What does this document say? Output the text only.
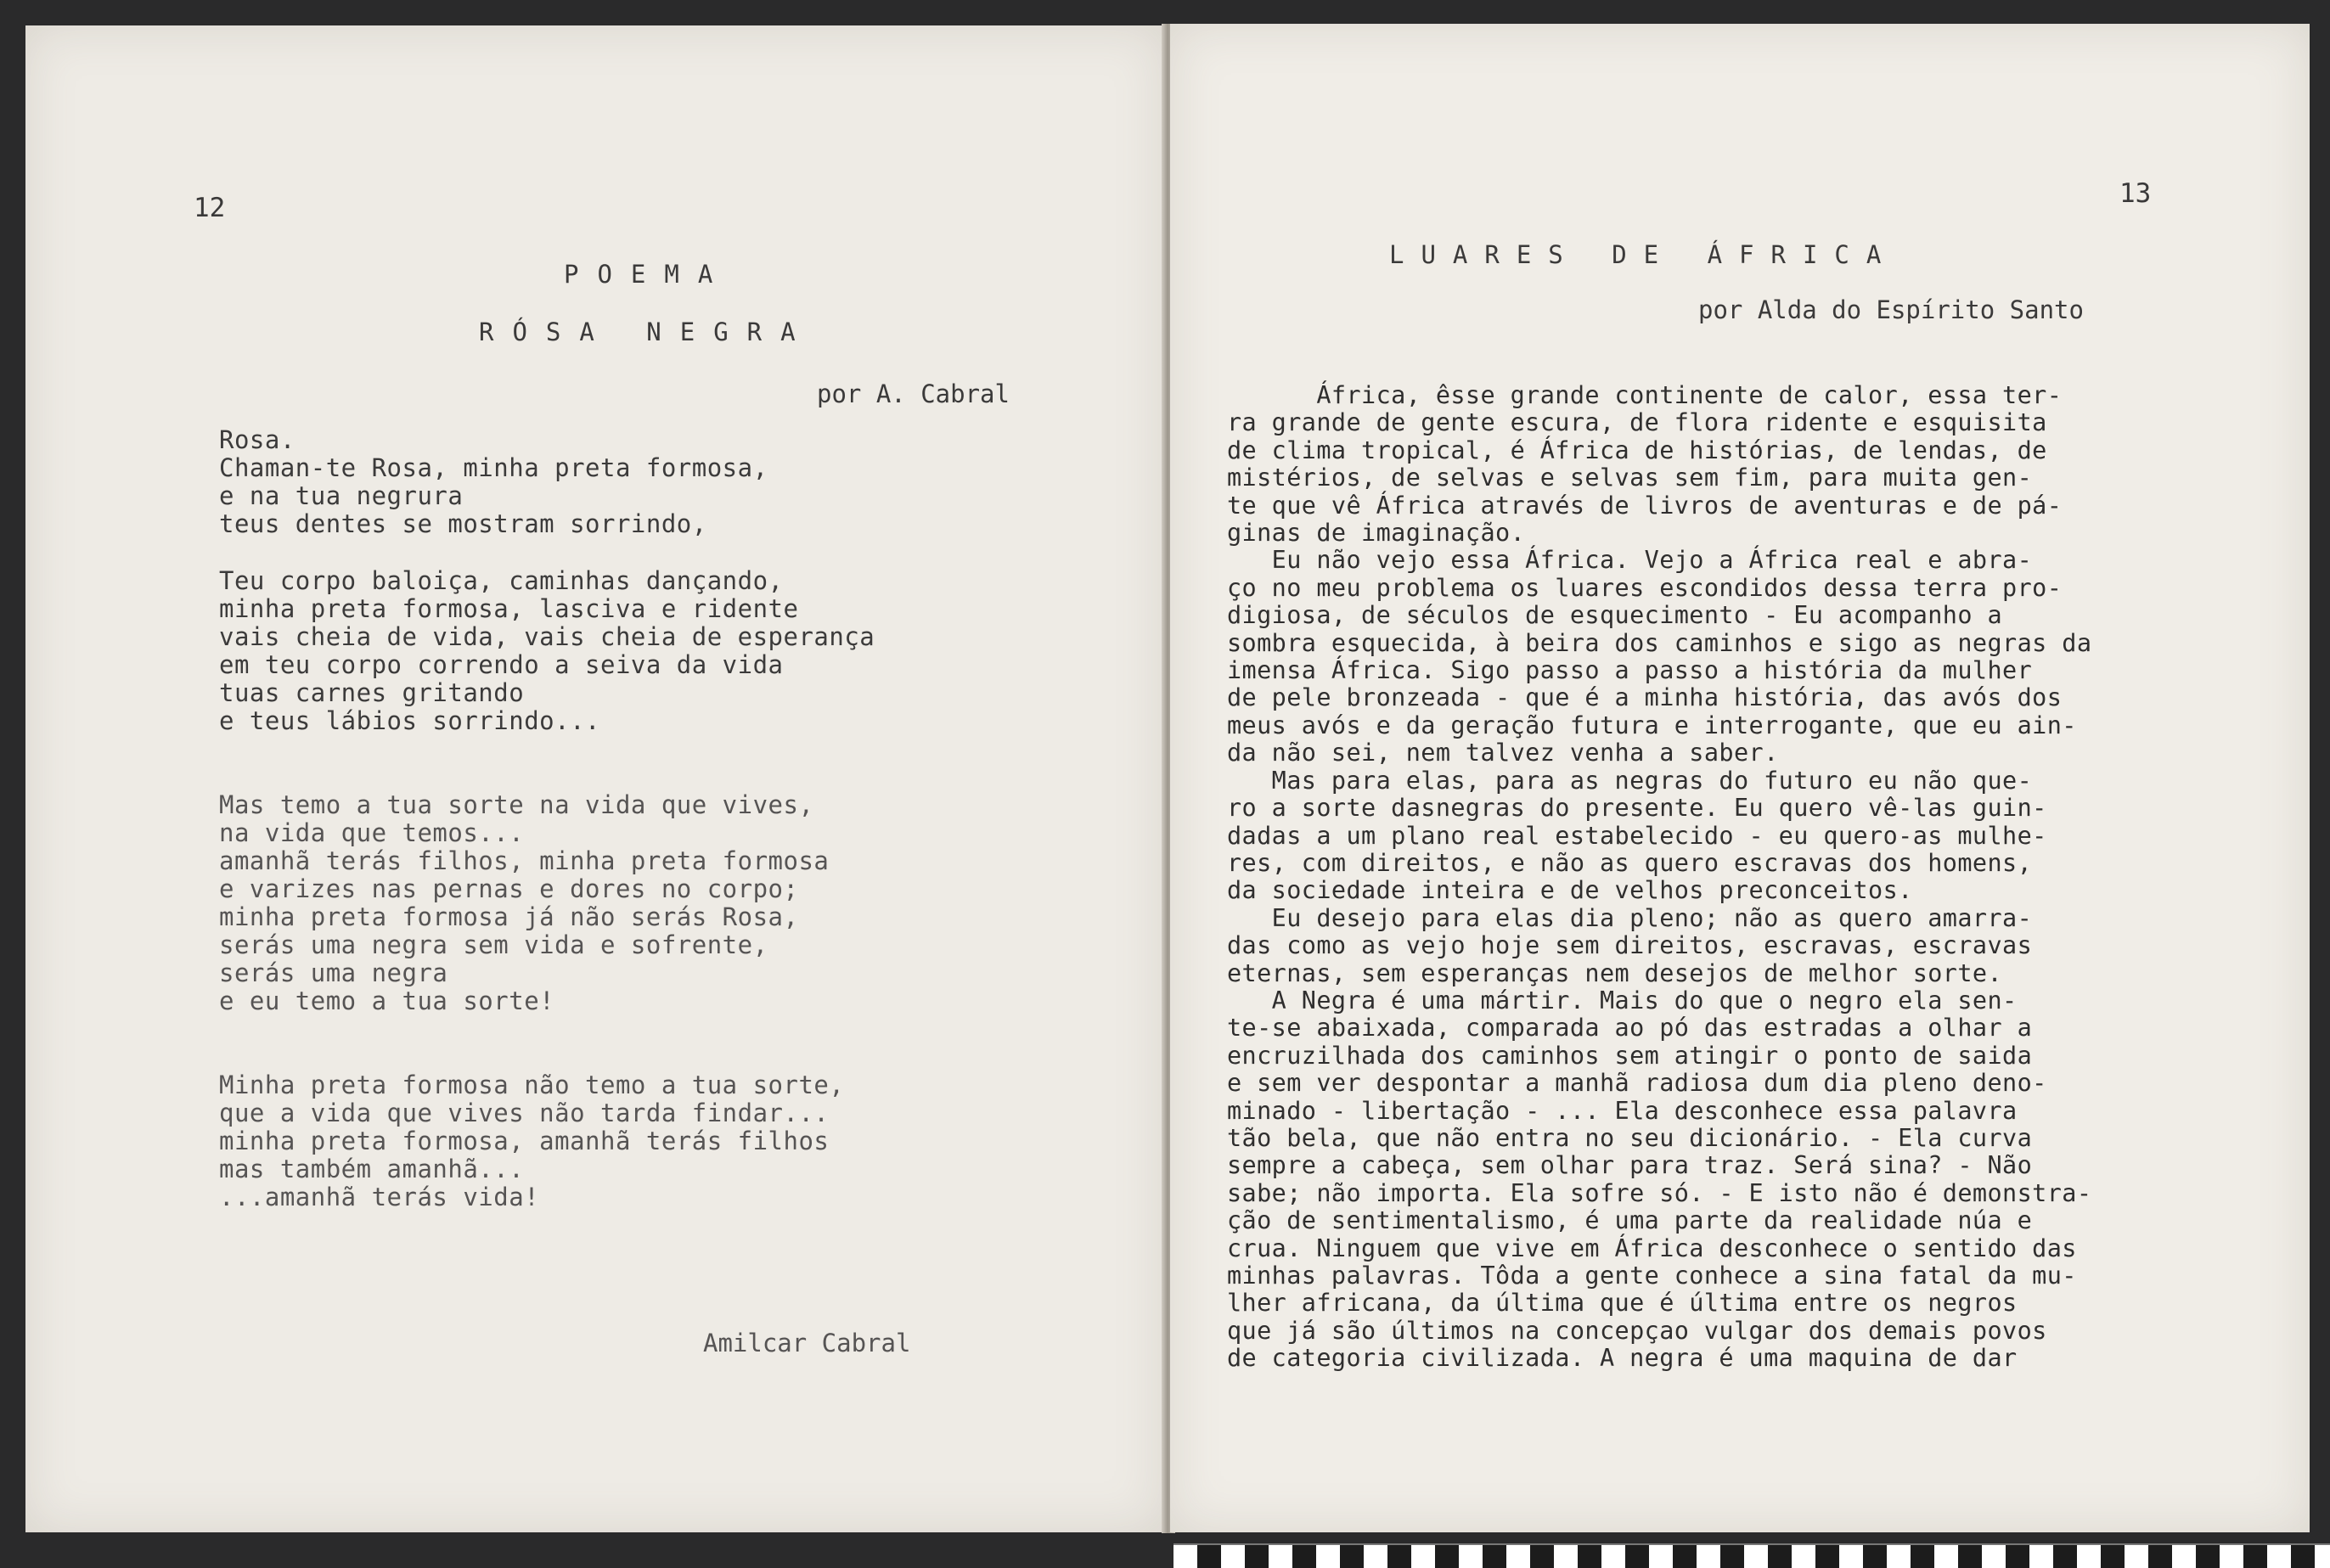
12
POEMA
RÓSA NEGRA
por A. Cabral
Rosa.
Chaman-te Rosa, minha preta formosa,
e na tua negrura
teus dentes se mostram sorrindo,
Teu corpo baloiça, caminhas dançando,
minha preta formosa, lasciva e ridente
vais cheia de vida, vais cheia de esperança
em teu corpo correndo a seiva da vida
tuas carnes gritando
e teus lábios sorrindo...
Mas temo a tua sorte na vida que vives,
na vida que temos...
amanhã terás filhos, minha preta formosa
e varizes nas pernas e dores no corpo;
minha preta formosa já não serás Rosa,
serás uma negra sem vida e sofrente,
serás uma negra
e eu temo a tua sorte!
Minha preta formosa não temo a tua sorte,
que a vida que vives não tarda findar...
minha preta formosa, amanhã terás filhos
mas também amanhã...
...amanhã terás vida!
Amilcar Cabral
13
LUARES DE ÁFRICA
por Alda do Espírito Santo
África, êsse grande continente de calor, essa ter-
ra grande de gente escura, de flora ridente e esquisita
de clima tropical, é África de histórias, de lendas, de
mistérios, de selvas e selvas sem fim, para muita gen-
te que vê África através de livros de aventuras e de pá-
ginas de imaginação.
Eu não vejo essa África. Vejo a África real e abra-
ço no meu problema os luares escondidos dessa terra pro-
digiosa, de séculos de esquecimento - Eu acompanho a
sombra esquecida, à beira dos caminhos e sigo as negras da
imensa África. Sigo passo a passo a história da mulher
de pele bronzeada - que é a minha história, das avós dos
meus avós e da geração futura e interrogante, que eu ain-
da não sei, nem talvez venha a saber.
Mas para elas, para as negras do futuro eu não que-
ro a sorte dasnegras do presente. Eu quero vê-las guin-
dadas a um plano real estabelecido - eu quero-as mulhe-
res, com direitos, e não as quero escravas dos homens,
da sociedade inteira e de velhos preconceitos.
Eu desejo para elas dia pleno; não as quero amarra-
das como as vejo hoje sem direitos, escravas, escravas
eternas, sem esperanças nem desejos de melhor sorte.
A Negra é uma mártir. Mais do que o negro ela sen-
te-se abaixada, comparada ao pó das estradas a olhar a
encruzilhada dos caminhos sem atingir o ponto de saida
e sem ver despontar a manhã radiosa dum dia pleno deno-
minado - libertação - ... Ela desconhece essa palavra
tão bela, que não entra no seu dicionário. - Ela curva
sempre a cabeça, sem olhar para traz. Será sina? - Não
sabe; não importa. Ela sofre só. - E isto não é demonstra-
ção de sentimentalismo, é uma parte da realidade núa e
crua. Ninguem que vive em África desconhece o sentido das
minhas palavras. Tôda a gente conhece a sina fatal da mu-
lher africana, da última que é última entre os negros
que já são últimos na concepçao vulgar dos demais povos
de categoria civilizada. A negra é uma maquina de dar
